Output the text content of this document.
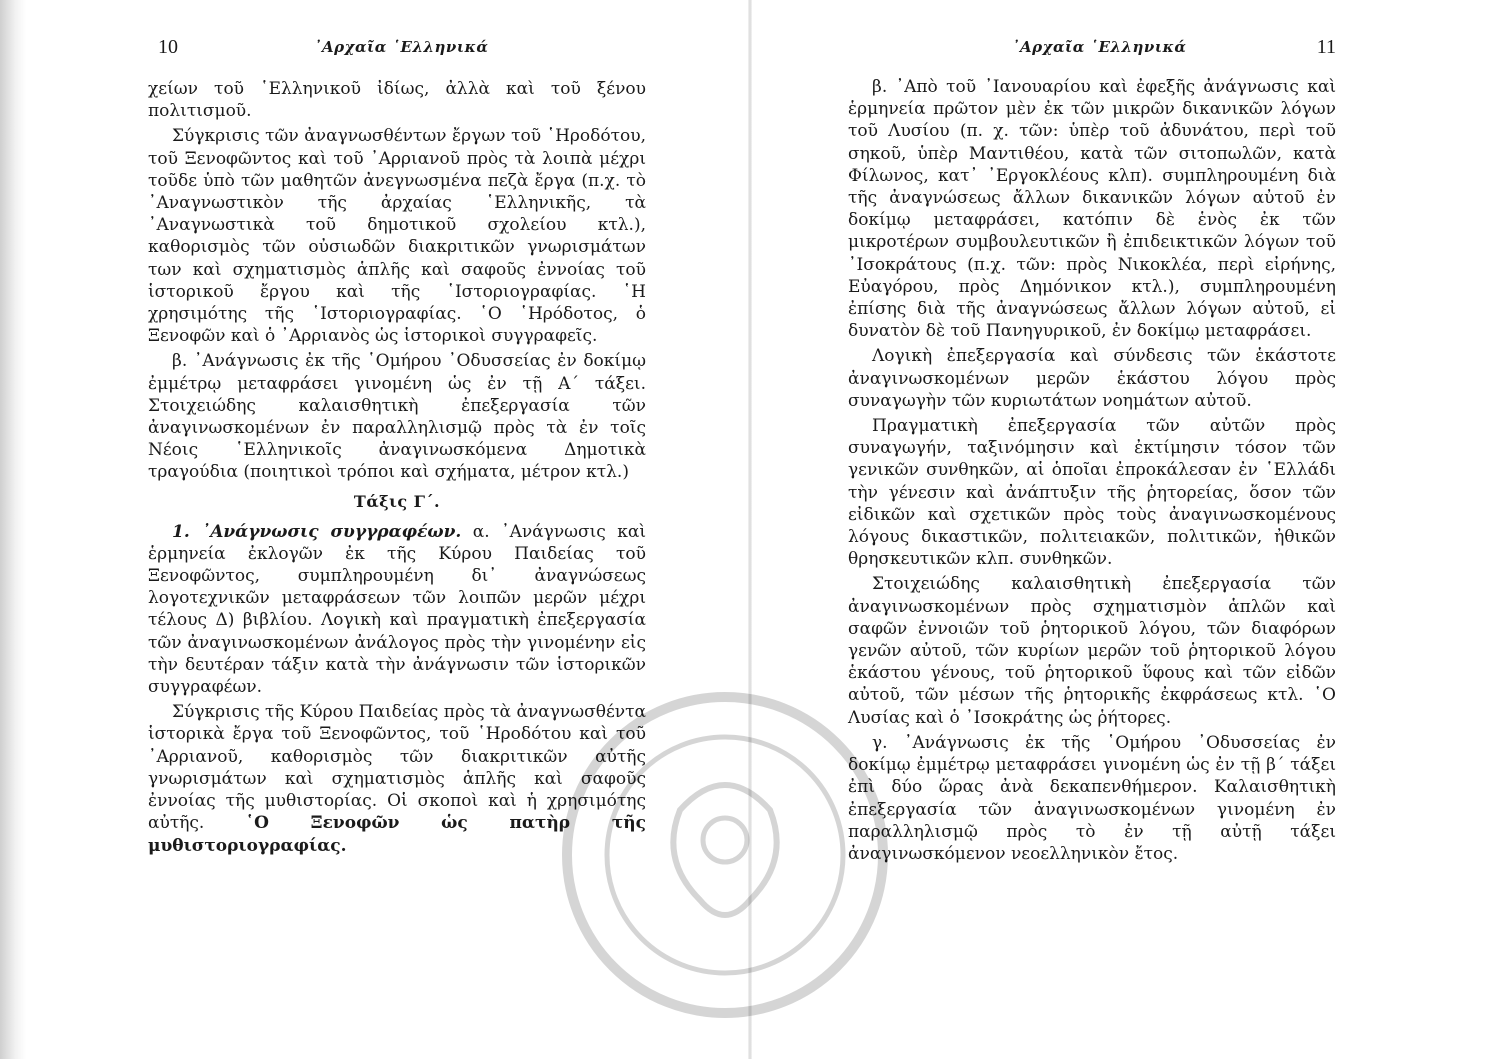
10	᾿Αρχαῖα ῾Ελληνικά

χείων τοῦ ῾Ελληνικοῦ ἰδίως, ἀλλὰ καὶ τοῦ ξένου πολιτισμοῦ.

Σύγκρισις τῶν ἀναγνωσθέντων ἔργων τοῦ ῾Ηροδότου, τοῦ Ξενοφῶντος καὶ τοῦ ᾿Αρριανοῦ πρὸς τὰ λοιπὰ μέχρι τοῦδε ὑπὸ τῶν μαθητῶν ἀνεγνωσμένα πεζὰ ἔργα (π.χ. τὸ ᾿Αναγνωστικὸν τῆς ἀρχαίας ῾Ελληνικῆς, τὰ ᾿Αναγνωστικὰ τοῦ δημοτικοῦ σχολείου κτλ.), καθορισμὸς τῶν οὐσιωδῶν διακριτικῶν γνωρισμάτων των καὶ σχηματισμὸς ἁπλῆς καὶ σαφοῦς ἐννοίας τοῦ ἱστορικοῦ ἔργου καὶ τῆς ῾Ιστοριογραφίας. ῾Η χρησιμότης τῆς ῾Ιστοριογραφίας. ῾Ο ῾Ηρόδοτος, ὁ Ξενοφῶν καὶ ὁ ᾿Αρριανὸς ὡς ἱστορικοὶ συγγραφεῖς.

β. ᾿Ανάγνωσις ἐκ τῆς ῾Ομήρου ᾿Οδυσσείας ἐν δοκίμῳ ἐμμέτρῳ μεταφράσει γινομένη ὡς ἐν τῇ Α΄ τάξει. Στοιχειώδης καλαισθητικὴ ἐπεξεργασία τῶν ἀναγινωσκομένων ἐν παραλληλισμῷ πρὸς τὰ ἐν τοῖς Νέοις ῾Ελληνικοῖς ἀναγινωσκόμενα Δημοτικὰ τραγούδια (ποιητικοὶ τρόποι καὶ σχήματα, μέτρον κτλ.)

Τάξις Γ΄.

1. ᾿Ανάγνωσις συγγραφέων. α. ᾿Ανάγνωσις καὶ ἑρμηνεία ἐκλογῶν ἐκ τῆς Κύρου Παιδείας τοῦ Ξενοφῶντος, συμπληρουμένη δι᾿ ἀναγνώσεως λογοτεχνικῶν μεταφράσεων τῶν λοιπῶν μερῶν μέχρι τέλους Δ) βιβλίου. Λογικὴ καὶ πραγματικὴ ἐπεξεργασία τῶν ἀναγινωσκομένων ἀνάλογος πρὸς τὴν γινομένην εἰς τὴν δευτέραν τάξιν κατὰ τὴν ἀνάγνωσιν τῶν ἱστορικῶν συγγραφέων.

Σύγκρισις τῆς Κύρου Παιδείας πρὸς τὰ ἀναγνωσθέντα ἱστορικὰ ἔργα τοῦ Ξενοφῶντος, τοῦ ῾Ηροδότου καὶ τοῦ ᾿Αρριανοῦ, καθορισμὸς τῶν διακριτικῶν αὐτῆς γνωρισμάτων καὶ σχηματισμὸς ἁπλῆς καὶ σαφοῦς ἐννοίας τῆς μυθιστορίας. Οἱ σκοποὶ καὶ ἡ χρησιμότης αὐτῆς. ῾Ο Ξενοφῶν ὡς πατὴρ τῆς μυθιστοριογραφίας.

᾿Αρχαῖα ῾Ελληνικά	11

β. ᾿Απὸ τοῦ ᾿Ιανουαρίου καὶ ἐφεξῆς ἀνάγνωσις καὶ ἑρμηνεία πρῶτον μὲν ἐκ τῶν μικρῶν δικανικῶν λόγων τοῦ Λυσίου (π. χ. τῶν: ὑπὲρ τοῦ ἀδυνάτου, περὶ τοῦ σηκοῦ, ὑπὲρ Μαντιθέου, κατὰ τῶν σιτοπωλῶν, κατὰ Φίλωνος, κατ᾿ ᾿Εργοκλέους κλπ). συμπληρουμένη διὰ τῆς ἀναγνώσεως ἄλλων δικανικῶν λόγων αὐτοῦ ἐν δοκίμῳ μεταφράσει, κατόπιν δὲ ἑνὸς ἐκ τῶν μικροτέρων συμβουλευτικῶν ἢ ἐπιδεικτικῶν λόγων τοῦ ᾿Ισοκράτους (π.χ. τῶν: πρὸς Νικοκλέα, περὶ εἰρήνης, Εὐαγόρου, πρὸς Δημόνικον κτλ.), συμπληρουμένη ἐπίσης διὰ τῆς ἀναγνώσεως ἄλλων λόγων αὐτοῦ, εἰ δυνατὸν δὲ τοῦ Πανηγυρικοῦ, ἐν δοκίμῳ μεταφράσει.

Λογικὴ ἐπεξεργασία καὶ σύνδεσις τῶν ἑκάστοτε ἀναγινωσκομένων μερῶν ἑκάστου λόγου πρὸς συναγωγὴν τῶν κυριωτάτων νοημάτων αὐτοῦ.

Πραγματικὴ ἐπεξεργασία τῶν αὐτῶν πρὸς συναγωγήν, ταξινόμησιν καὶ ἐκτίμησιν τόσον τῶν γενικῶν συνθηκῶν, αἱ ὁποῖαι ἐπροκάλεσαν ἐν ῾Ελλάδι τὴν γένεσιν καὶ ἀνάπτυξιν τῆς ῥητορείας, ὅσον τῶν εἰδικῶν καὶ σχετικῶν πρὸς τοὺς ἀναγινωσκομένους λόγους δικαστικῶν, πολιτειακῶν, πολιτικῶν, ἠθικῶν θρησκευτικῶν κλπ. συνθηκῶν.

Στοιχειώδης καλαισθητικὴ ἐπεξεργασία τῶν ἀναγινωσκομένων πρὸς σχηματισμὸν ἁπλῶν καὶ σαφῶν ἐννοιῶν τοῦ ῥητορικοῦ λόγου, τῶν διαφόρων γενῶν αὐτοῦ, τῶν κυρίων μερῶν τοῦ ῥητορικοῦ λόγου ἑκάστου γένους, τοῦ ῥητορικοῦ ὕφους καὶ τῶν εἰδῶν αὐτοῦ, τῶν μέσων τῆς ῥητορικῆς ἐκφράσεως κτλ. ῾Ο Λυσίας καὶ ὁ ᾿Ισοκράτης ὡς ῥήτορες.

γ. ᾿Ανάγνωσις ἐκ τῆς ῾Ομήρου ᾿Οδυσσείας ἐν δοκίμῳ ἐμμέτρῳ μεταφράσει γινομένη ὡς ἐν τῇ β΄ τάξει ἐπὶ δύο ὥρας ἀνὰ δεκαπενθήμερον. Καλαισθητικὴ ἐπεξεργασία τῶν ἀναγινωσκομένων γινομένη ἐν παραλληλισμῷ πρὸς τὸ ἐν τῇ αὐτῇ τάξει ἀναγινωσκόμενον νεοελληνικὸν ἔτος.
